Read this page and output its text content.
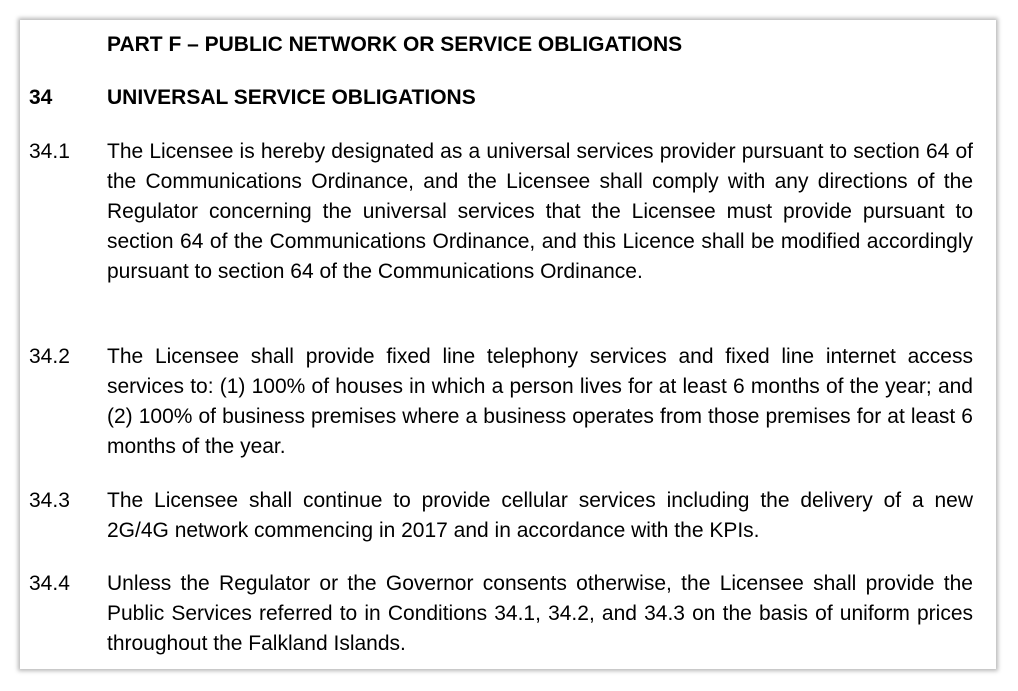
PART F – PUBLIC NETWORK OR SERVICE OBLIGATIONS
34	UNIVERSAL SERVICE OBLIGATIONS
34.1 The Licensee is hereby designated as a universal services provider pursuant to section 64 of the Communications Ordinance, and the Licensee shall comply with any directions of the Regulator concerning the universal services that the Licensee must provide pursuant to section 64 of the Communications Ordinance, and this Licence shall be modified accordingly pursuant to section 64 of the Communications Ordinance.
34.2 The Licensee shall provide fixed line telephony services and fixed line internet access services to: (1) 100% of houses in which a person lives for at least 6 months of the year; and (2) 100% of business premises where a business operates from those premises for at least 6 months of the year.
34.3 The Licensee shall continue to provide cellular services including the delivery of a new 2G/4G network commencing in 2017 and in accordance with the KPIs.
34.4 Unless the Regulator or the Governor consents otherwise, the Licensee shall provide the Public Services referred to in Conditions 34.1, 34.2, and 34.3 on the basis of uniform prices throughout the Falkland Islands.
